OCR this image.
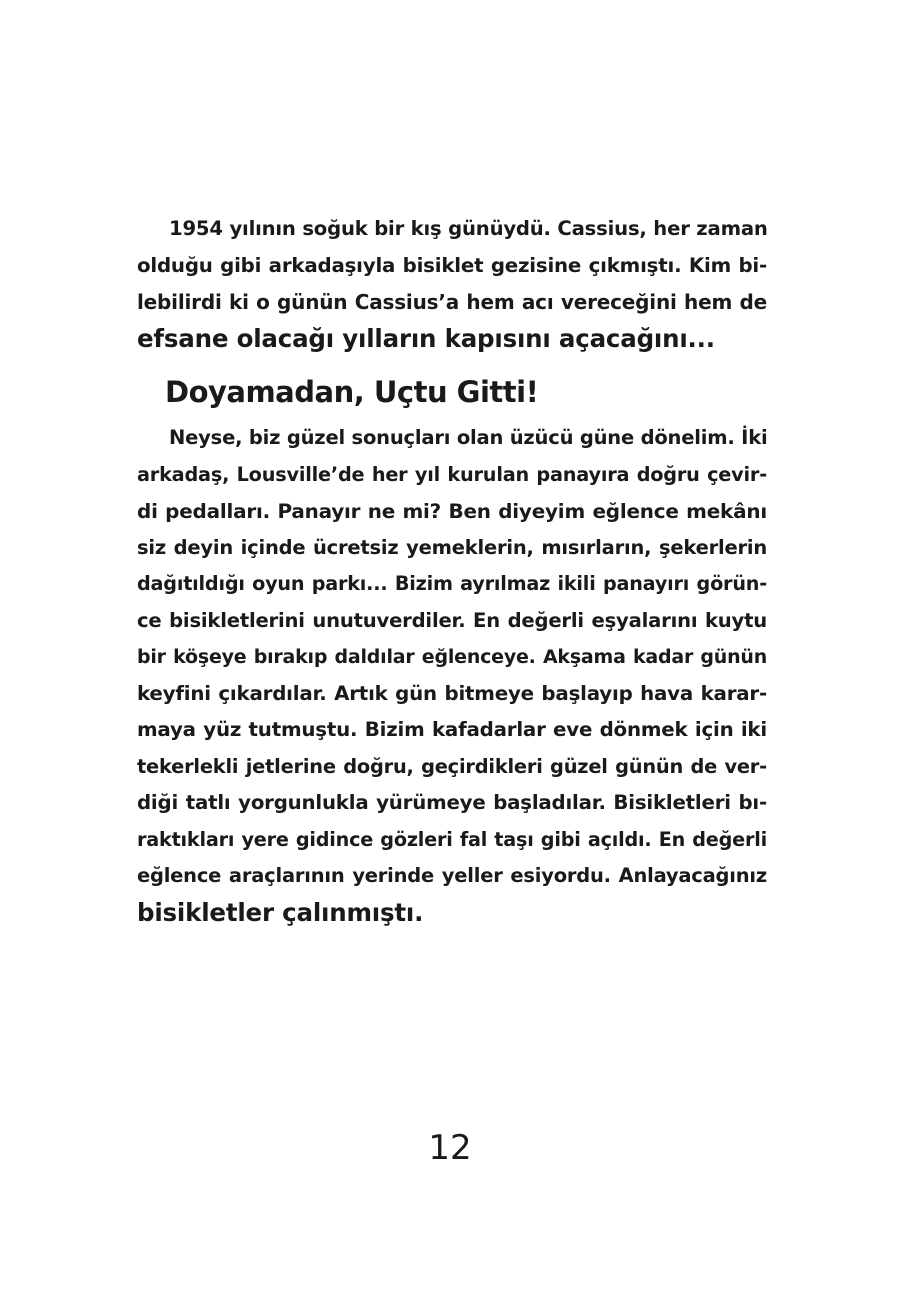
1954 yılının soğuk bir kış günüydü. Cassius, her zaman
olduğu gibi arkadaşıyla bisiklet gezisine çıkmıştı. Kim bi-
lebilirdi ki o günün Cassius’a hem acı vereceğini hem de
efsane olacağı yılların kapısını açacağını...
Doyamadan, Uçtu Gitti!
Neyse, biz güzel sonuçları olan üzücü güne dönelim. İki
arkadaş, Lousville’de her yıl kurulan panayıra doğru çevir-
di pedalları. Panayır ne mi? Ben diyeyim eğlence mekânı
siz deyin içinde ücretsiz yemeklerin, mısırların, şekerlerin
dağıtıldığı oyun parkı... Bizim ayrılmaz ikili panayırı görün-
ce bisikletlerini unutuverdiler. En değerli eşyalarını kuytu
bir köşeye bırakıp daldılar eğlenceye. Akşama kadar günün
keyfini çıkardılar. Artık gün bitmeye başlayıp hava karar-
maya yüz tutmuştu. Bizim kafadarlar eve dönmek için iki
tekerlekli jetlerine doğru, geçirdikleri güzel günün de ver-
diği tatlı yorgunlukla yürümeye başladılar. Bisikletleri bı-
raktıkları yere gidince gözleri fal taşı gibi açıldı. En değerli
eğlence araçlarının yerinde yeller esiyordu. Anlayacağınız
bisikletler çalınmıştı.
12
